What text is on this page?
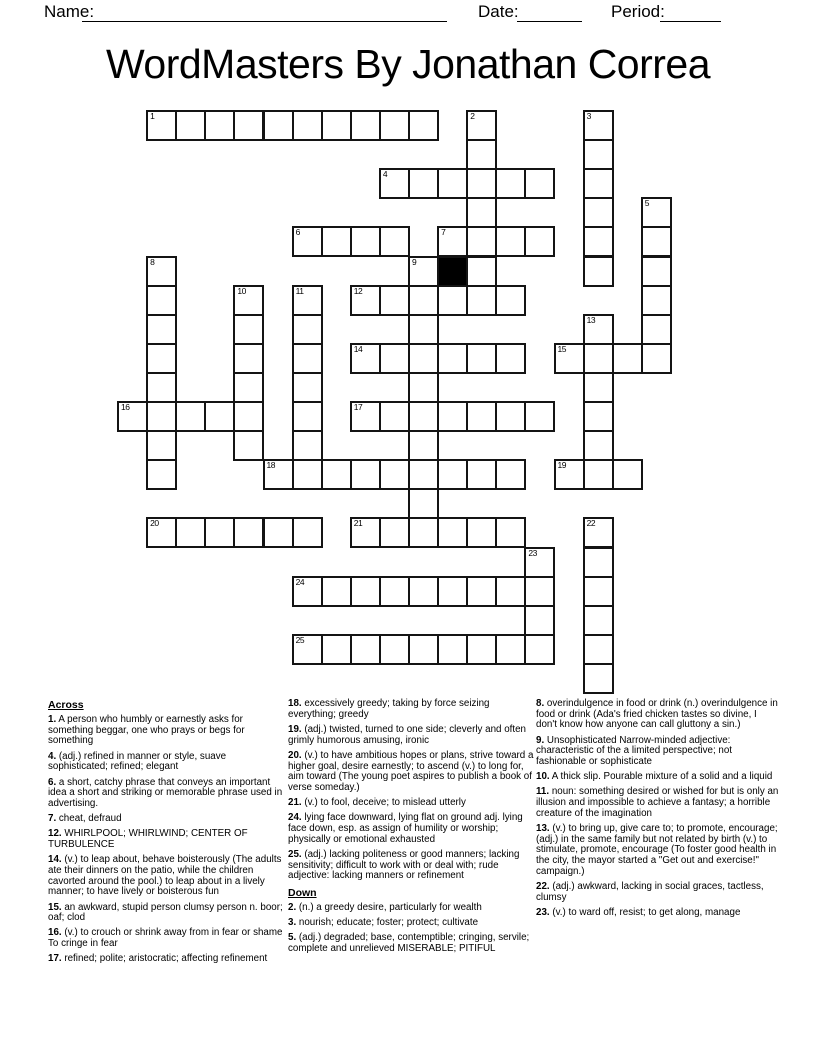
Name:	Date:	Period:
WordMasters By Jonathan Correa
1	2	3
4
5
6	7
8	9
10	11	12
13
14	15
16	17
18	19
20	21	22
23
24
25
Across
1. A person who humbly or earnestly asks for something beggar, one who prays or begs for something
4. (adj.) refined in manner or style, suave sophisticated; refined; elegant
6. a short, catchy phrase that conveys an important idea a short and striking or memorable phrase used in advertising.
7. cheat, defraud
12. WHIRLPOOL; WHIRLWIND; CENTER OF TURBULENCE
14. (v.) to leap about, behave boisterously (The adults ate their dinners on the patio, while the children cavorted around the pool.) to leap about in a lively manner; to have lively or boisterous fun
15. an awkward, stupid person clumsy person n. boor; oaf; clod
16. (v.) to crouch or shrink away from in fear or shame To cringe in fear
17. refined; polite; aristocratic; affecting refinement
18. excessively greedy; taking by force seizing everything; greedy
19. (adj.) twisted, turned to one side; cleverly and often grimly humorous amusing, ironic
20. (v.) to have ambitious hopes or plans, strive toward a higher goal, desire earnestly; to ascend (v.) to long for, aim toward (The young poet aspires to publish a book of verse someday.)
21. (v.) to fool, deceive; to mislead utterly
24. lying face downward, lying flat on ground adj. lying face down, esp. as assign of humility or worship; physically or emotional exhausted
25. (adj.) lacking politeness or good manners; lacking sensitivity; difficult to work with or deal with; rude adjective: lacking manners or refinement
Down
2. (n.) a greedy desire, particularly for wealth
3. nourish; educate; foster; protect; cultivate
5. (adj.) degraded; base, contemptible; cringing, servile; complete and unrelieved MISERABLE; PITIFUL
8. overindulgence in food or drink (n.) overindulgence in food or drink (Ada's fried chicken tastes so divine, I don't know how anyone can call gluttony a sin.)
9. Unsophisticated Narrow-minded adjective: characteristic of the a limited perspective; not fashionable or sophisticate
10. A thick slip. Pourable mixture of a solid and a liquid
11. noun: something desired or wished for but is only an illusion and impossible to achieve a fantasy; a horrible creature of the imagination
13. (v.) to bring up, give care to; to promote, encourage; (adj.) in the same family but not related by birth (v.) to stimulate, promote, encourage (To foster good health in the city, the mayor started a "Get out and exercise!" campaign.)
22. (adj.) awkward, lacking in social graces, tactless, clumsy
23. (v.) to ward off, resist; to get along, manage
